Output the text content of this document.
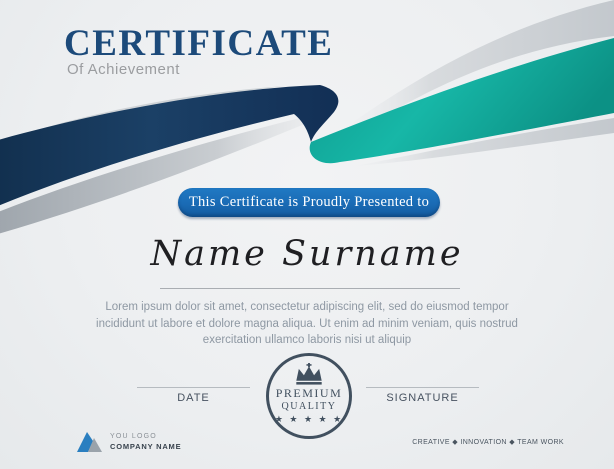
CERTIFICATE
Of Achievement
This Certificate is Proudly Presented to
Name Surname
Lorem ipsum dolor sit amet, consectetur adipiscing elit, sed do eiusmod tempor incididunt ut labore et dolore magna aliqua. Ut enim ad minim veniam, quis nostrud exercitation ullamco laboris nisi ut aliquip
PREMIUM
QUALITY
★ ★ ★ ★ ★
DATE	SIGNATURE
YOU LOGO
COMPANY NAME	CREATIVE ◆ INNOVATION ◆ TEAM WORK
